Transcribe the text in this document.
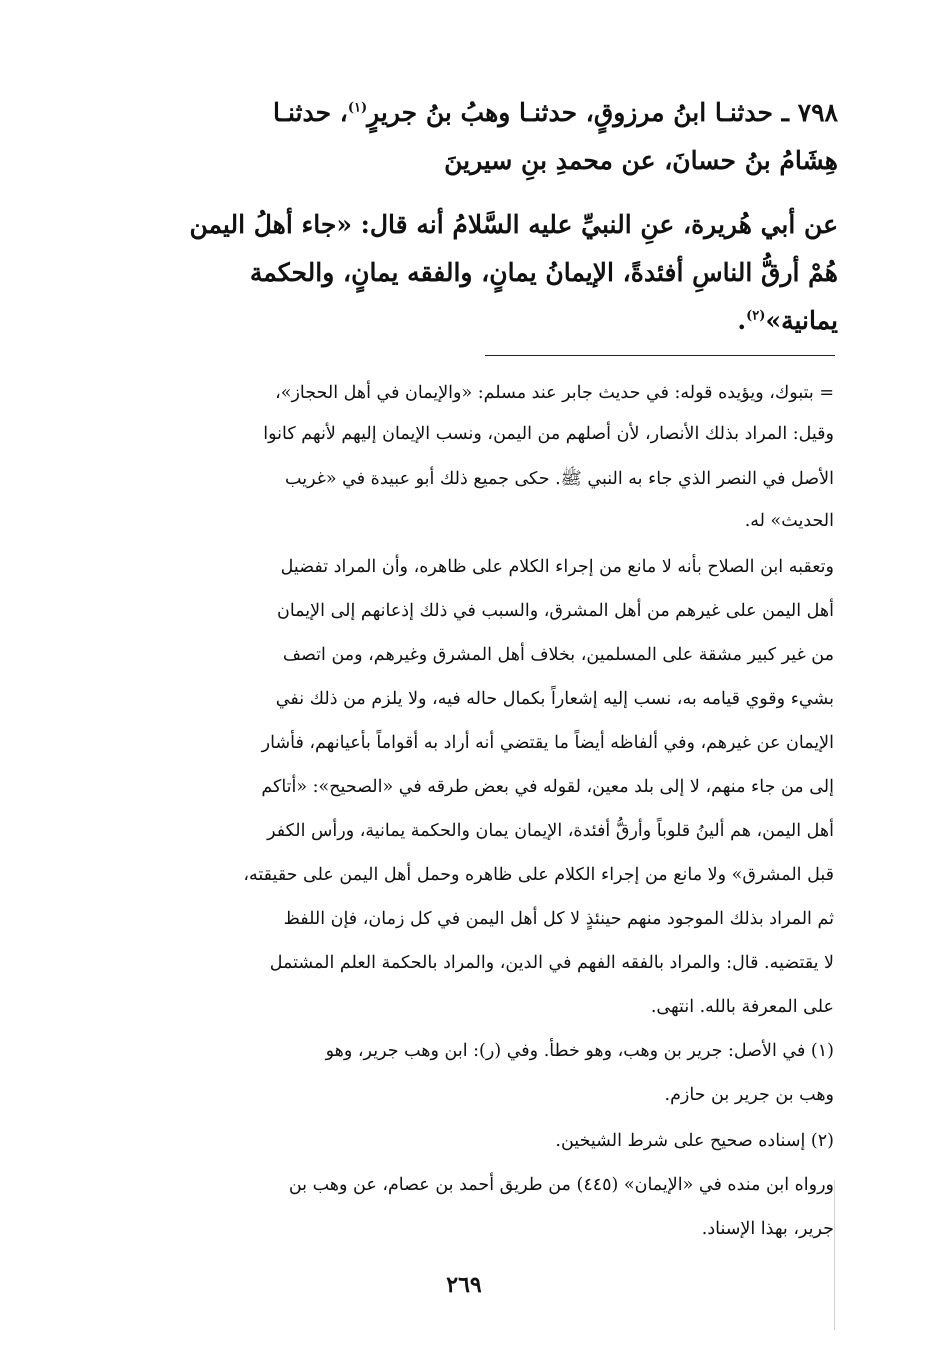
٧٩٨ ـ حدثنـا ابنُ مرزوقٍ، حدثنـا وهبُ بنُ جريرٍ$^{(١)}$، حدثنـا
هِشَامُ بنُ حسانَ، عن محمدِ بنِ سيرينَ
عن أبي هُريرة، عنِ النبيِّ عليه السَّلامُ أنه قال: «جاء أهلُ اليمن
هُمْ أرقُّ الناسِ أفئدةً، الإيمانُ يمانٍ، والفقه يمانٍ، والحكمة
يمانية»$^{(٢)}$.
= بتبوك، ويؤيده قوله: في حديث جابر عند مسلم: «والإيمان في أهل الحجاز»،
وقيل: المراد بذلك الأنصار، لأن أصلهم من اليمن، ونسب الإيمان إليهم لأنهم كانوا
الأصل في النصر الذي جاء به النبي ﷺ. حكى جميع ذلك أبو عبيدة في «غريب
الحديث» له.
وتعقبه ابن الصلاح بأنه لا مانع من إجراء الكلام على ظاهره، وأن المراد تفضيل
أهل اليمن على غيرهم من أهل المشرق، والسبب في ذلك إذعانهم إلى الإيمان
من غير كبير مشقة على المسلمين، بخلاف أهل المشرق وغيرهم، ومن اتصف
بشيء وقوي قيامه به، نسب إليه إشعاراً بكمال حاله فيه، ولا يلزم من ذلك نفي
الإيمان عن غيرهم، وفي ألفاظه أيضاً ما يقتضي أنه أراد به أقواماً بأعيانهم، فأشار
إلى من جاء منهم، لا إلى بلد معين، لقوله في بعض طرقه في «الصحيح»: «أتاكم
أهل اليمن، هم ألينُ قلوباً وأرقُّ أفئدة، الإيمان يمان والحكمة يمانية، ورأس الكفر
قبل المشرق» ولا مانع من إجراء الكلام على ظاهره وحمل أهل اليمن على حقيقته،
ثم المراد بذلك الموجود منهم حينئذٍ لا كل أهل اليمن في كل زمان، فإن اللفظ
لا يقتضيه. قال: والمراد بالفقه الفهم في الدين، والمراد بالحكمة العلم المشتمل
على المعرفة بالله. انتهى.
(١) في الأصل: جرير بن وهب، وهو خطأ. وفي (ر): ابن وهب جرير، وهو
وهب بن جرير بن حازم.
(٢) إسناده صحيح على شرط الشيخين.
ورواه ابن منده في «الإيمان» (٤٤٥) من طريق أحمد بن عصام، عن وهب بن
جرير، بهذا الإسناد.
٢٦٩
